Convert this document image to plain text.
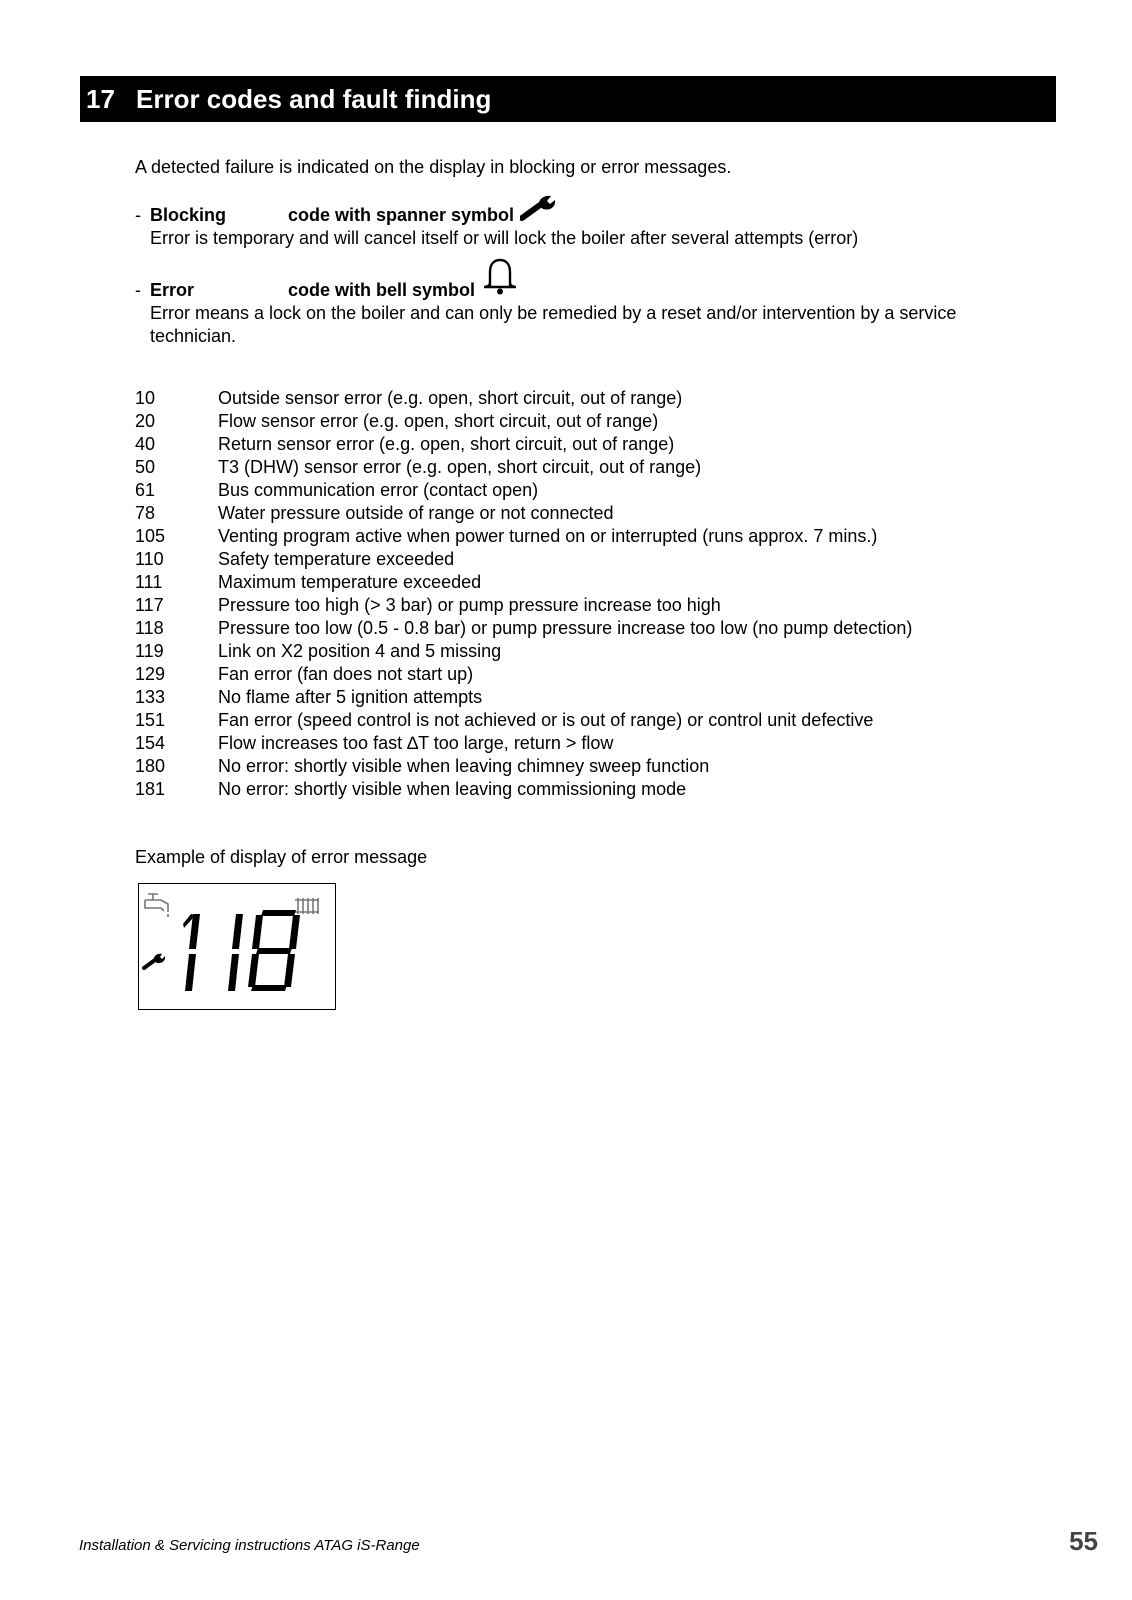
17 Error codes and fault finding
A detected failure is indicated on the display in blocking or error messages.
- Blocking	code with spanner symbol
Error is temporary and will cancel itself or will lock the boiler after several attempts (error)
- Error	code with bell symbol
Error means a lock on the boiler and can only be remedied by a reset and/or intervention by a service technician.
10	Outside sensor error (e.g. open, short circuit, out of range)
20	Flow sensor error (e.g. open, short circuit, out of range)
40	Return sensor error (e.g. open, short circuit, out of range)
50	T3 (DHW) sensor error (e.g. open, short circuit, out of range)
61	Bus communication error (contact open)
78	Water pressure outside of range or not connected
105	Venting program active when power turned on or interrupted (runs approx. 7 mins.)
110	Safety temperature exceeded
111	Maximum temperature exceeded
117	Pressure too high (> 3 bar) or pump pressure increase too high
118	Pressure too low (0.5 - 0.8 bar) or pump pressure increase too low (no pump detection)
119	Link on X2 position 4 and 5 missing
129	Fan error (fan does not start up)
133	No flame after 5 ignition attempts
151	Fan error (speed control is not achieved or is out of range) or control unit defective
154	Flow increases too fast ∆T too large, return > flow
180	No error: shortly visible when leaving chimney sweep function
181	No error: shortly visible when leaving commissioning mode
Example of display of error message
Installation & Servicing instructions ATAG iS-Range	55
